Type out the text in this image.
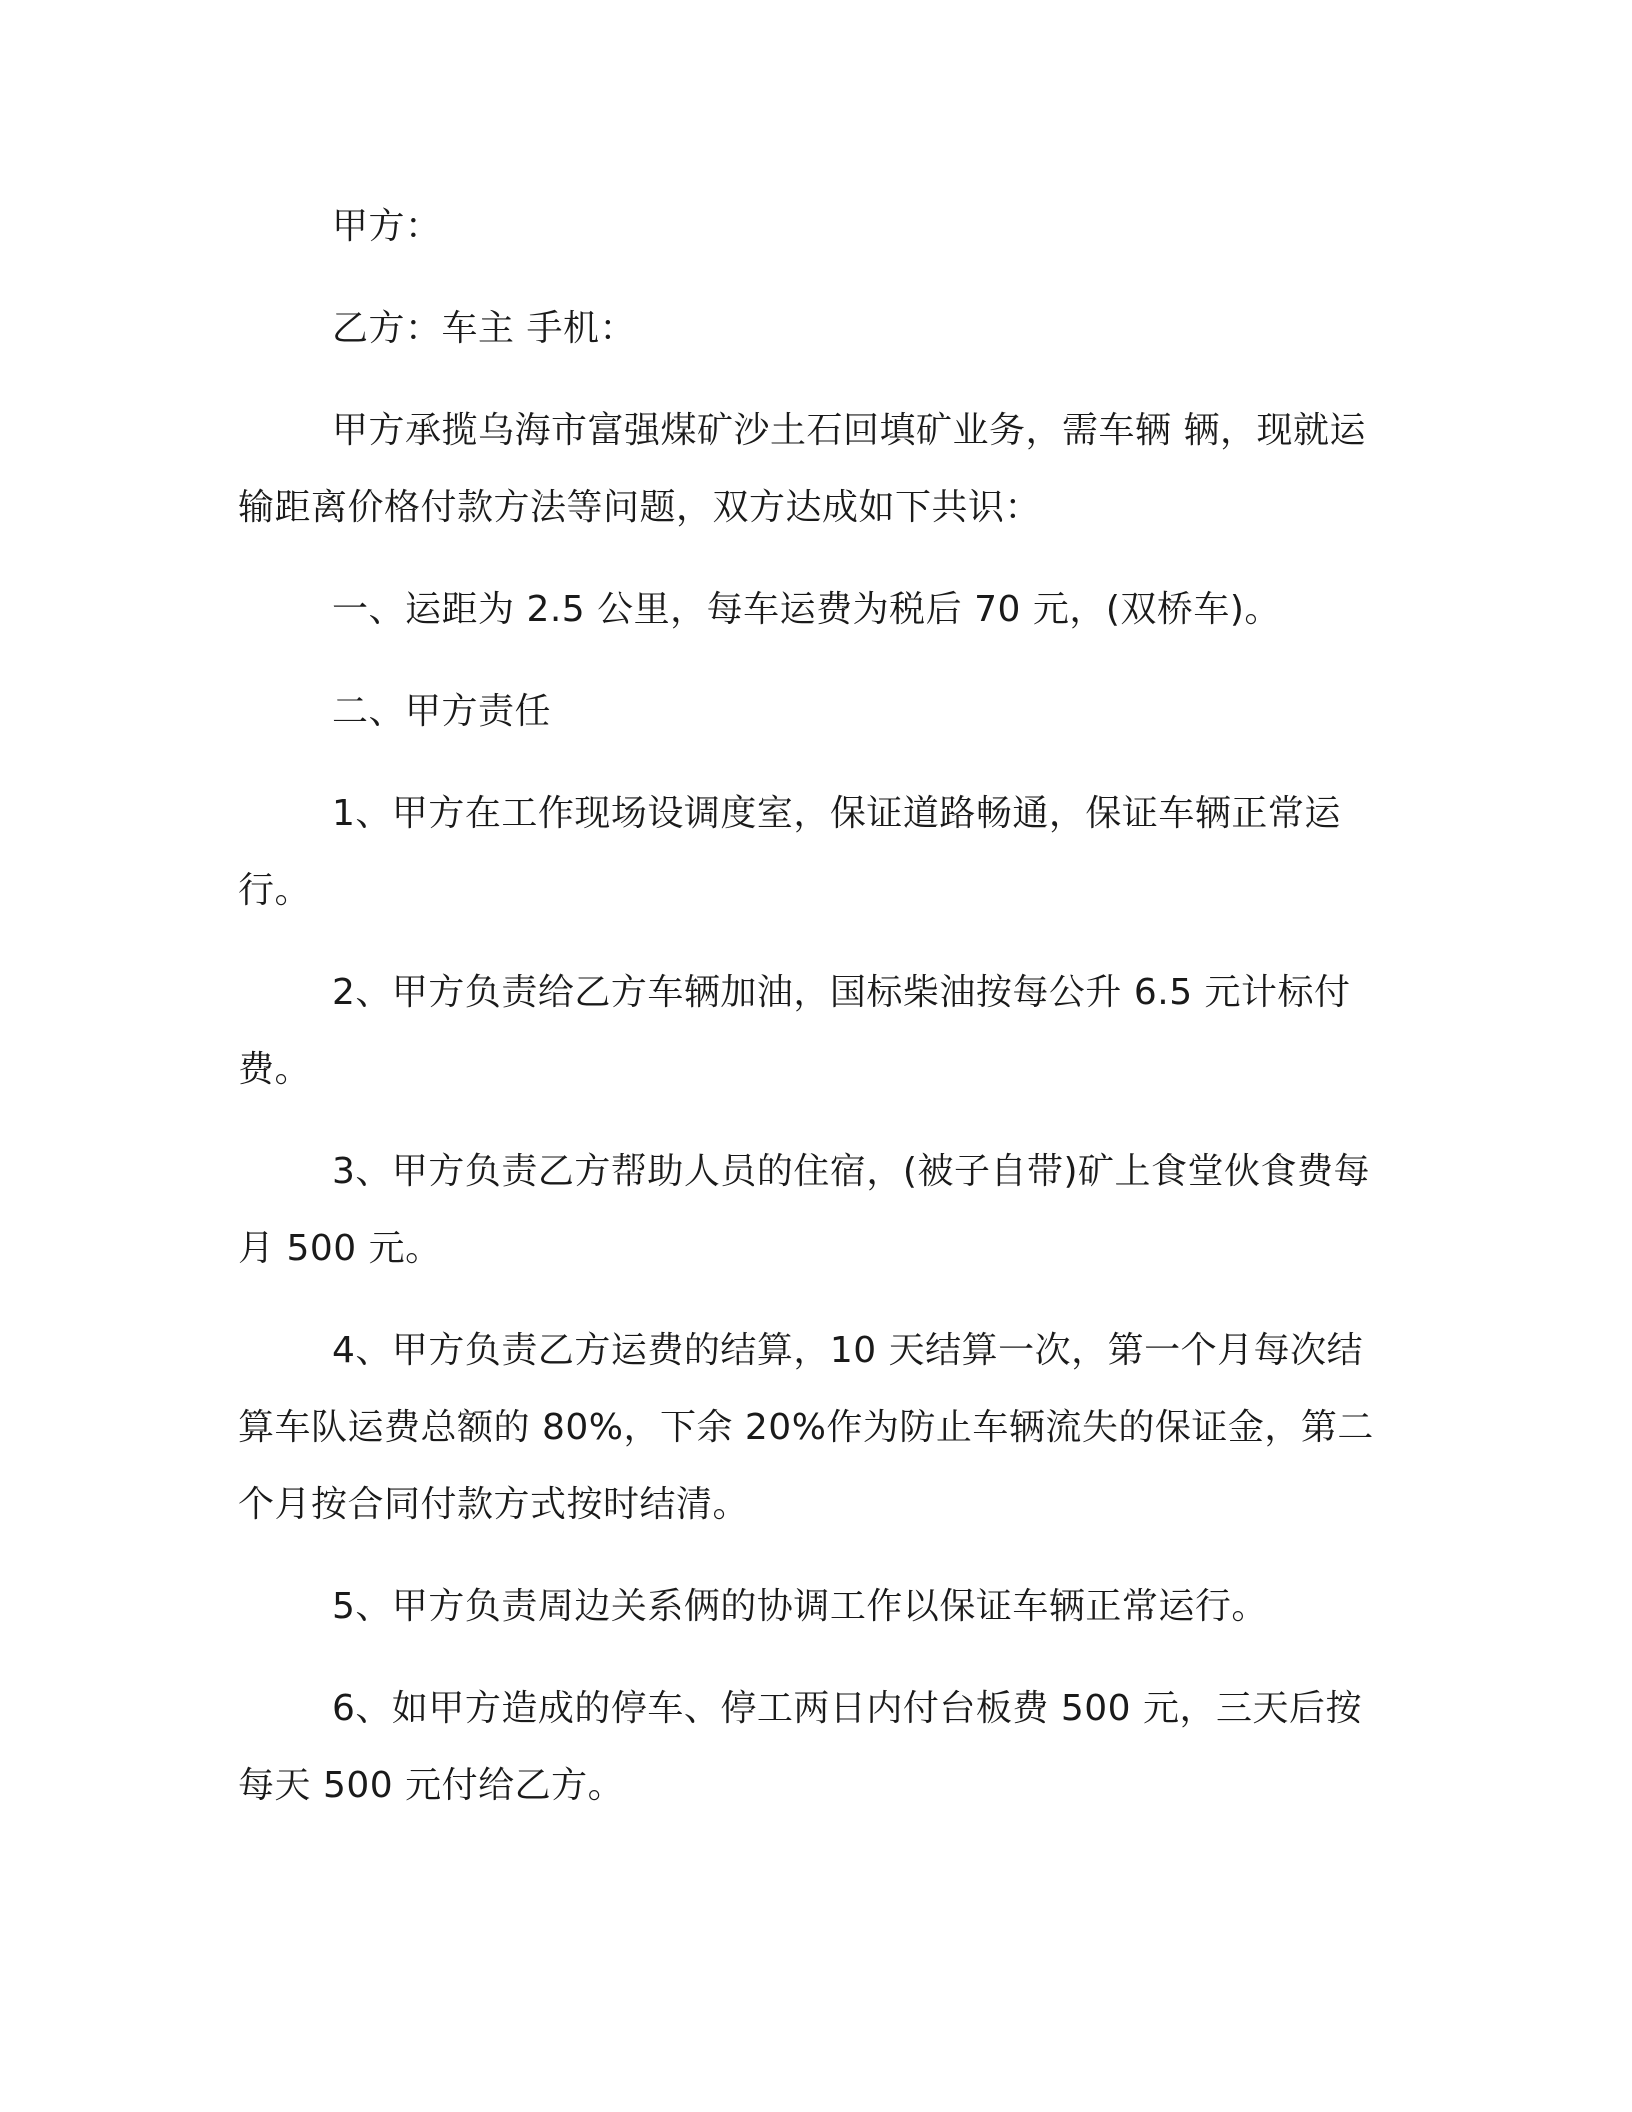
甲方：

乙方：车主 手机：

甲方承揽乌海市富强煤矿沙土石回填矿业务，需车辆 辆，现就运输距离价格付款方法等问题，双方达成如下共识：

一、运距为 2.5 公里，每车运费为税后 70 元，(双桥车)。

二、甲方责任

1、甲方在工作现场设调度室，保证道路畅通，保证车辆正常运行。

2、甲方负责给乙方车辆加油，国标柴油按每公升 6.5 元计标付费。

3、甲方负责乙方帮助人员的住宿，(被子自带)矿上食堂伙食费每月 500 元。

4、甲方负责乙方运费的结算，10 天结算一次，第一个月每次结算车队运费总额的 80%，下余 20%作为防止车辆流失的保证金，第二个月按合同付款方式按时结清。

5、甲方负责周边关系俩的协调工作以保证车辆正常运行。

6、如甲方造成的停车、停工两日内付台板费 500 元，三天后按每天 500 元付给乙方。
